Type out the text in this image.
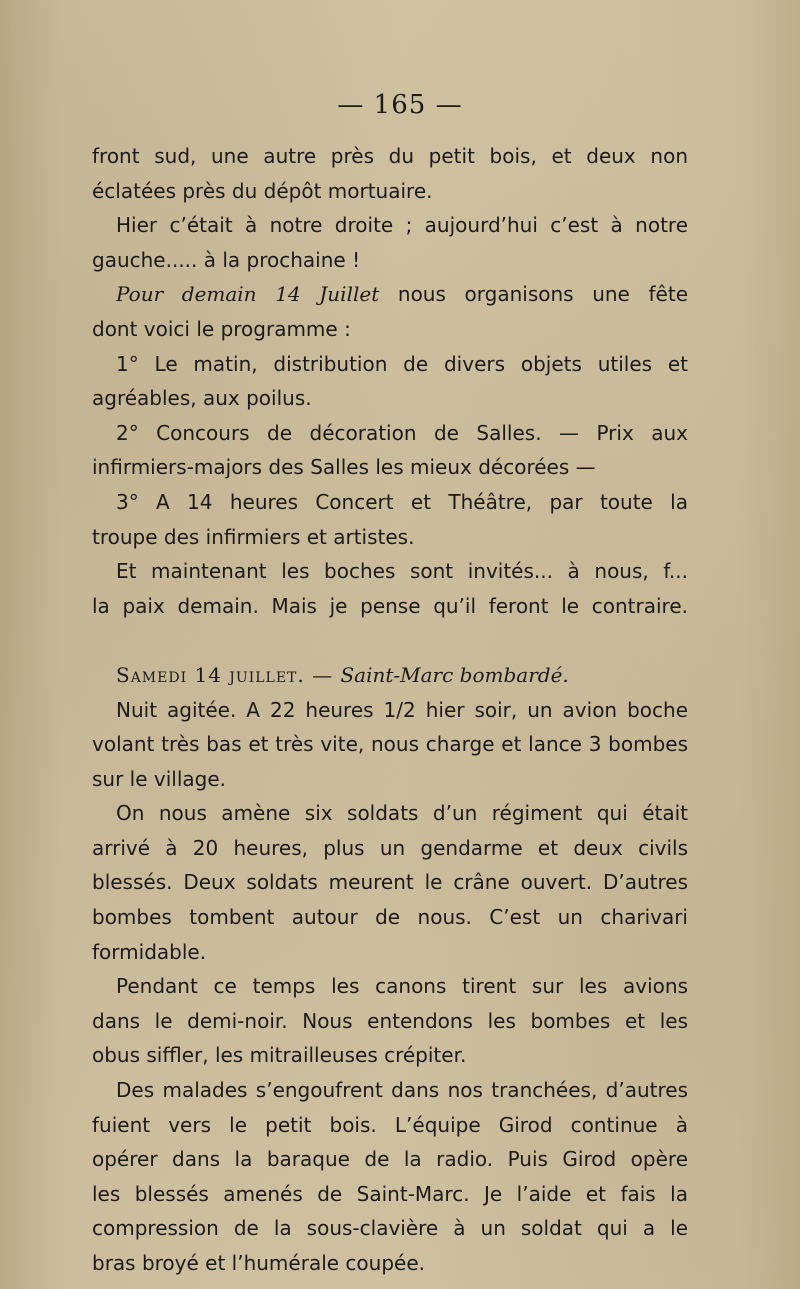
— 165 —
front sud, une autre près du petit bois, et deux non
éclatées près du dépôt mortuaire.
Hier c’était à notre droite ; aujourd’hui c’est à notre
gauche..... à la prochaine !
Pour demain 14 Juillet nous organisons une fête
dont voici le programme :
1° Le matin, distribution de divers objets utiles et
agréables, aux poilus.
2° Concours de décoration de Salles. — Prix aux
infirmiers-majors des Salles les mieux décorées —
3° A 14 heures Concert et Théâtre, par toute la
troupe des infirmiers et artistes.
Et maintenant les boches sont invités... à nous, f...
la paix demain. Mais je pense qu’il feront le contraire.
Samedi 14 juillet. — Saint-Marc bombardé.
Nuit agitée. A 22 heures 1/2 hier soir, un avion boche
volant très bas et très vite, nous charge et lance 3 bombes
sur le village.
On nous amène six soldats d’un régiment qui était
arrivé à 20 heures, plus un gendarme et deux civils
blessés. Deux soldats meurent le crâne ouvert. D’autres
bombes tombent autour de nous. C’est un charivari
formidable.
Pendant ce temps les canons tirent sur les avions
dans le demi-noir. Nous entendons les bombes et les
obus siffler, les mitrailleuses crépiter.
Des malades s’engoufrent dans nos tranchées, d’autres
fuient vers le petit bois. L’équipe Girod continue à
opérer dans la baraque de la radio. Puis Girod opère
les blessés amenés de Saint-Marc. Je l’aide et fais la
compression de la sous-clavière à un soldat qui a le
bras broyé et l’humérale coupée.
